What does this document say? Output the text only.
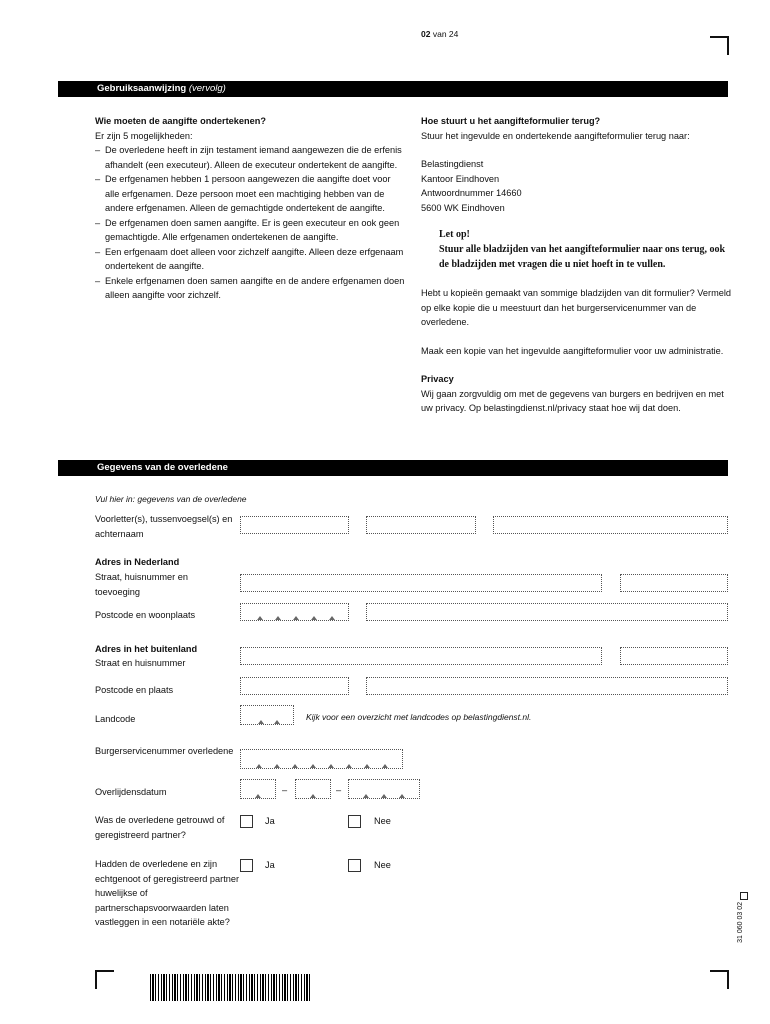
02 van 24
Gebruiksaanwijzing (vervolg)
Wie moeten de aangifte ondertekenen?
Er zijn 5 mogelijkheden:
– De overledene heeft in zijn testament iemand aangewezen die de erfenis afhandelt (een executeur). Alleen de executeur ondertekent de aangifte.
– De erfgenamen hebben 1 persoon aangewezen die aangifte doet voor alle erfgenamen. Deze persoon moet een machtiging hebben van de andere erfgenamen. Alleen de gemachtigde ondertekent de aangifte.
– De erfgenamen doen samen aangifte. Er is geen executeur en ook geen gemachtigde. Alle erfgenamen ondertekenen de aangifte.
– Een erfgenaam doet alleen voor zichzelf aangifte. Alleen deze erfgenaam ondertekent de aangifte.
– Enkele erfgenamen doen samen aangifte en de andere erfgenamen doen alleen aangifte voor zichzelf.
Hoe stuurt u het aangifteformulier terug?
Stuur het ingevulde en ondertekende aangifteformulier terug naar:
Belastingdienst
Kantoor Eindhoven
Antwoordnummer 14660
5600 WK Eindhoven
Let op!
Stuur alle bladzijden van het aangifteformulier naar ons terug, ook de bladzijden met vragen die u niet hoeft in te vullen.
Hebt u kopieën gemaakt van sommige bladzijden van dit formulier? Vermeld op elke kopie die u meestuurt dan het burgerservicenummer van de overledene.
Maak een kopie van het ingevulde aangifteformulier voor uw administratie.
Privacy
Wij gaan zorgvuldig om met de gegevens van burgers en bedrijven en met uw privacy. Op belastingdienst.nl/privacy staat hoe wij dat doen.
Gegevens van de overledene
Vul hier in: gegevens van de overledene
Voorletter(s), tussenvoegsel(s) en achternaam
Adres in Nederland
Straat, huisnummer en toevoeging
Postcode en woonplaats
Adres in het buitenland
Straat en huisnummer
Postcode en plaats
Landcode	Kijk voor een overzicht met landcodes op belastingdienst.nl.
Burgerservicenummer overledene
Overlijdensdatum	–	–
Was de overledene getrouwd of geregistreerd partner?
Ja	Nee
Hadden de overledene en zijn echtgenoot of geregistreerd partner huwelijkse of partnerschapsvoorwaarden laten vastleggen in een notariële akte?
Ja	Nee
31 060 03 02
